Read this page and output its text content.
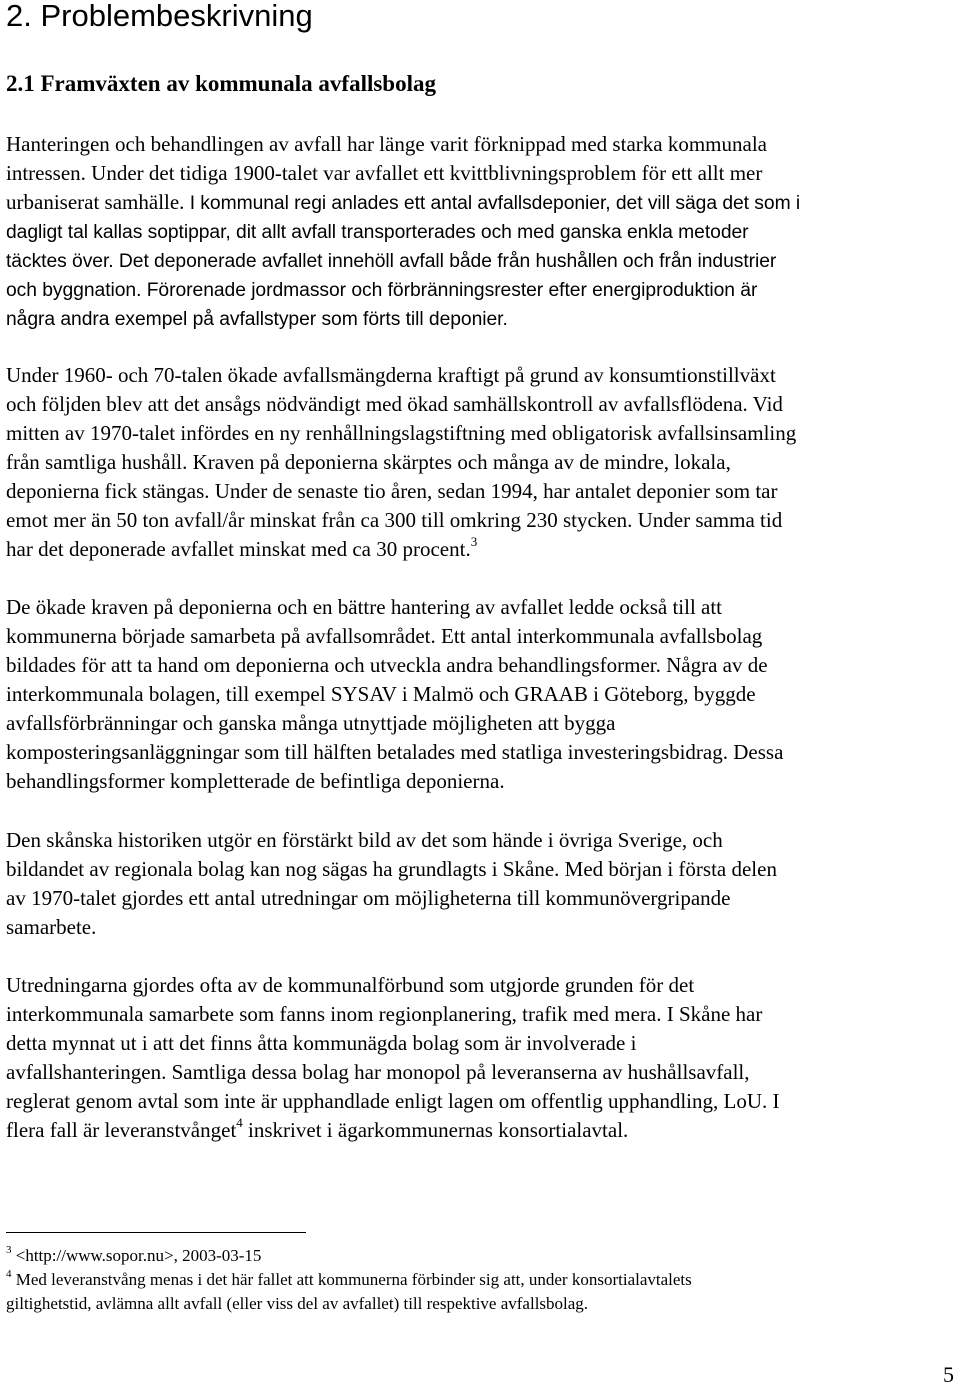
2. Problembeskrivning
2.1 Framväxten av kommunala avfallsbolag
Hanteringen och behandlingen av avfall har länge varit förknippad med starka kommunala
intressen. Under det tidiga 1900-talet var avfallet ett kvittblivningsproblem för ett allt mer
urbaniserat samhälle. I kommunal regi anlades ett antal avfallsdeponier, det vill säga det som i
dagligt tal kallas soptippar, dit allt avfall transporterades och med ganska enkla metoder
täcktes över. Det deponerade avfallet innehöll avfall både från hushållen och från industrier
och byggnation. Förorenade jordmassor och förbränningsrester efter energiproduktion är
några andra exempel på avfallstyper som förts till deponier.
Under 1960- och 70-talen ökade avfallsmängderna kraftigt på grund av konsumtionstillväxt
och följden blev att det ansågs nödvändigt med ökad samhällskontroll av avfallsflödena. Vid
mitten av 1970-talet infördes en ny renhållningslagstiftning med obligatorisk avfallsinsamling
från samtliga hushåll. Kraven på deponierna skärptes och många av de mindre, lokala,
deponierna fick stängas. Under de senaste tio åren, sedan 1994, har antalet deponier som tar
emot mer än 50 ton avfall/år minskat från ca 300 till omkring 230 stycken. Under samma tid
har det deponerade avfallet minskat med ca 30 procent.$^3$
De ökade kraven på deponierna och en bättre hantering av avfallet ledde också till att
kommunerna började samarbeta på avfallsområdet. Ett antal interkommunala avfallsbolag
bildades för att ta hand om deponierna och utveckla andra behandlingsformer. Några av de
interkommunala bolagen, till exempel SYSAV i Malmö och GRAAB i Göteborg, byggde
avfallsförbränningar och ganska många utnyttjade möjligheten att bygga
komposteringsanläggningar som till hälften betalades med statliga investeringsbidrag. Dessa
behandlingsformer kompletterade de befintliga deponierna.
Den skånska historiken utgör en förstärkt bild av det som hände i övriga Sverige, och
bildandet av regionala bolag kan nog sägas ha grundlagts i Skåne. Med början i första delen
av 1970-talet gjordes ett antal utredningar om möjligheterna till kommunövergripande
samarbete.
Utredningarna gjordes ofta av de kommunalförbund som utgjorde grunden för det
interkommunala samarbete som fanns inom regionplanering, trafik med mera. I Skåne har
detta mynnat ut i att det finns åtta kommunägda bolag som är involverade i
avfallshanteringen. Samtliga dessa bolag har monopol på leveranserna av hushållsavfall,
reglerat genom avtal som inte är upphandlade enligt lagen om offentlig upphandling, LoU. I
flera fall är leveranstvånget$^4$ inskrivet i ägarkommunernas konsortialavtal.
$^3$ <http://www.sopor.nu>, 2003-03-15
$^4$ Med leveranstvång menas i det här fallet att kommunerna förbinder sig att, under konsortialavtalets
giltighetstid, avlämna allt avfall (eller viss del av avfallet) till respektive avfallsbolag.
5
